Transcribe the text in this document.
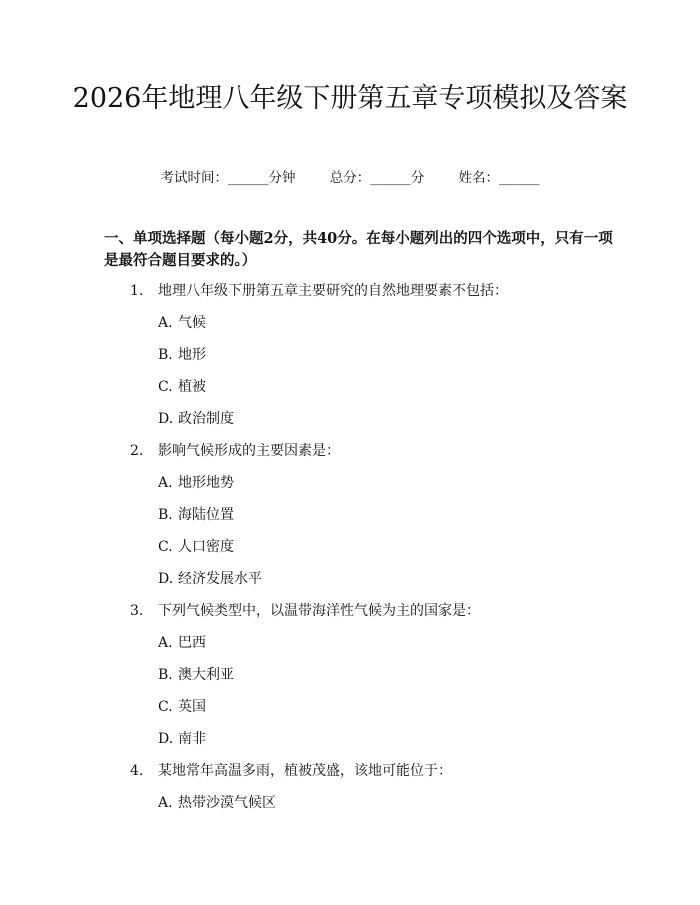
2026年地理八年级下册第五章专项模拟及答案
考试时间：______分钟	总分：______分	姓名：______
一、单项选择题（每小题2分，共40分。在每小题列出的四个选项中，只有一项是最符合题目要求的。）
1. 地理八年级下册第五章主要研究的自然地理要素不包括：
A. 气候
B. 地形
C. 植被
D. 政治制度
2. 影响气候形成的主要因素是：
A. 地形地势
B. 海陆位置
C. 人口密度
D. 经济发展水平
3. 下列气候类型中，以温带海洋性气候为主的国家是：
A. 巴西
B. 澳大利亚
C. 英国
D. 南非
4. 某地常年高温多雨，植被茂盛，该地可能位于：
A. 热带沙漠气候区
